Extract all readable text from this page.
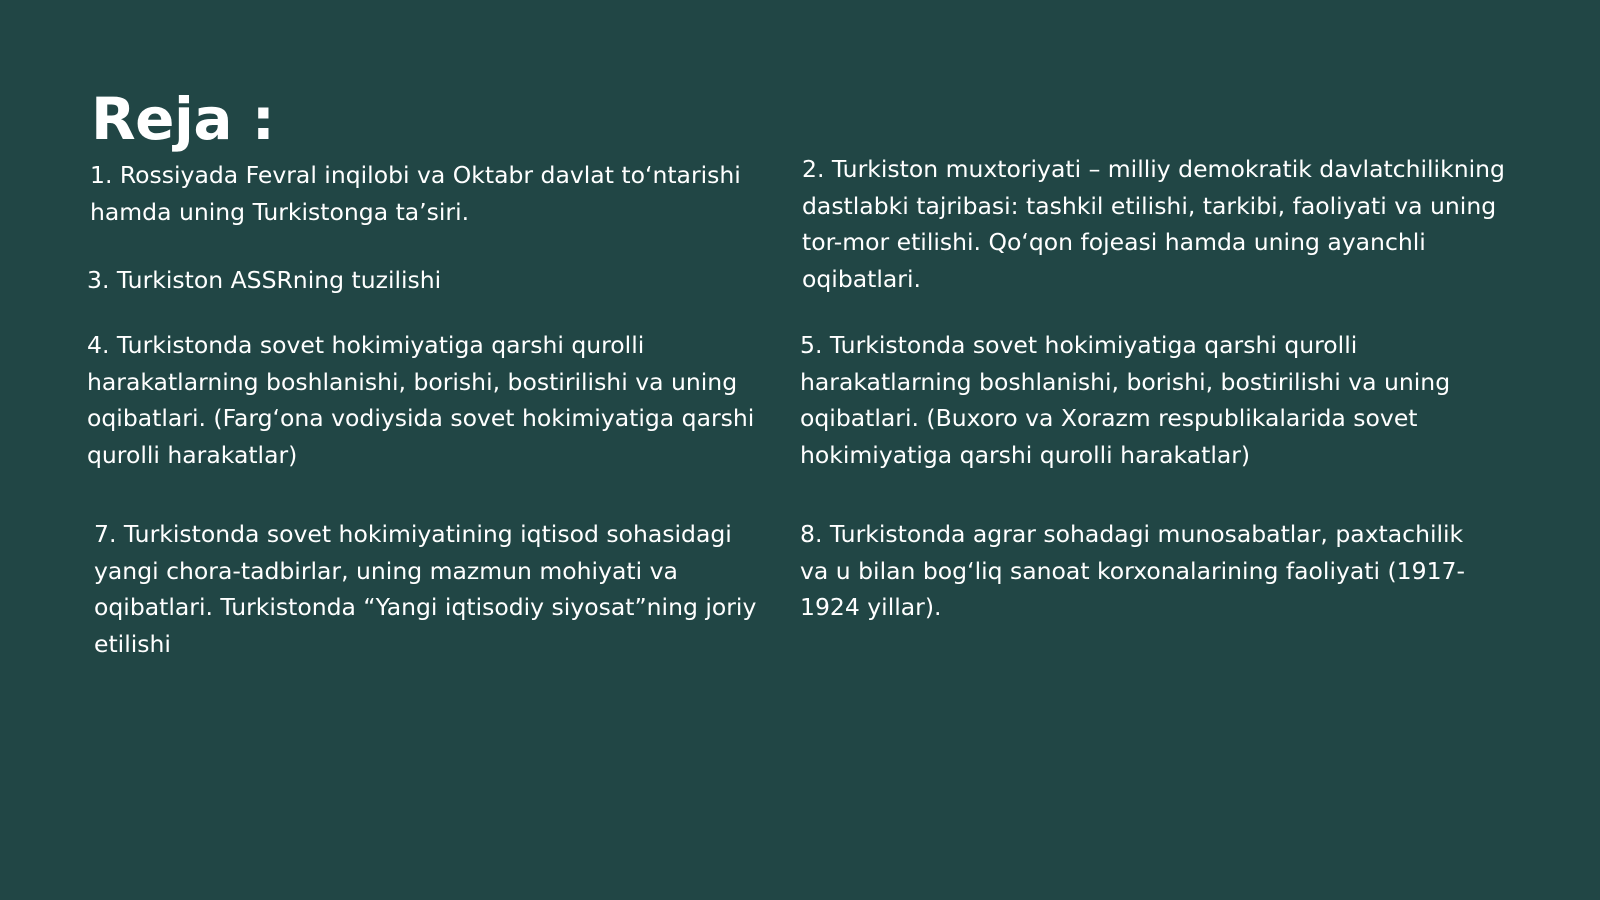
Reja :

1. Rossiyada Fevral inqilobi va Oktabr davlat to‘ntarishi hamda uning Turkistonga ta’siri.

2. Turkiston muxtoriyati – milliy demokratik davlatchilikning dastlabki tajribasi: tashkil etilishi, tarkibi, faoliyati va uning tor-mor etilishi. Qo‘qon fojeasi hamda uning ayanchli oqibatlari.

3. Turkiston ASSRning tuzilishi

4. Turkistonda sovet hokimiyatiga qarshi qurolli harakatlarning boshlanishi, borishi, bostirilishi va uning oqibatlari. (Farg‘ona vodiysida sovet hokimiyatiga qarshi qurolli harakatlar)

5. Turkistonda sovet hokimiyatiga qarshi qurolli harakatlarning boshlanishi, borishi, bostirilishi va uning oqibatlari. (Buxoro va Xorazm respublikalarida sovet hokimiyatiga qarshi qurolli harakatlar)

7. Turkistonda sovet hokimiyatining iqtisod sohasidagi yangi chora-tadbirlar, uning mazmun mohiyati va oqibatlari. Turkistonda “Yangi iqtisodiy siyosat”ning joriy etilishi

8. Turkistonda agrar sohadagi munosabatlar, paxtachilik va u bilan bog‘liq sanoat korxonalarining faoliyati (1917-1924 yillar).
